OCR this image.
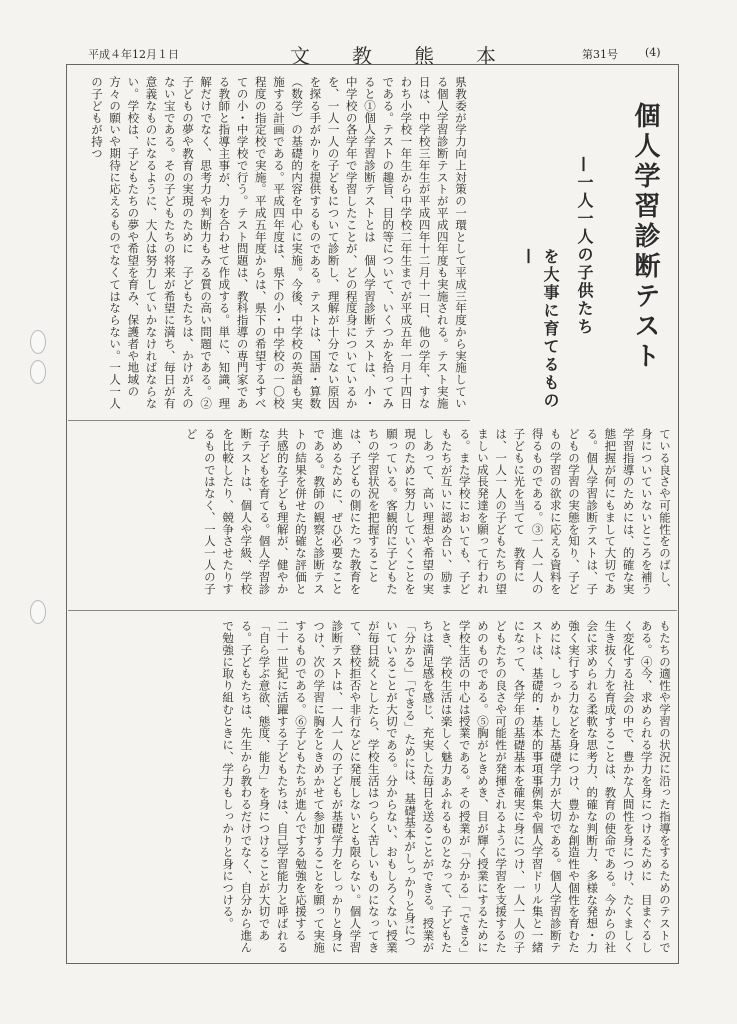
平成４年12月１日	文教熊本	第31号 (4)
個人学習診断テスト
—一人一人の子供たち
を大事に育てるもの—
県教委が学力向上対策の一環として平成三年度から実施している個人学習診断テストが平成四年度も実施される。テスト実施日は、中学校三年生が平成四年十二月十一日、他の学年、すなわち小学校一年生から中学校二年生までが平成五年一月十四日である。テストの趣旨、目的等について、いくつかを拾ってみると①個人学習診断テストとは　個人学習診断テストは、小・中学校の各学年で学習したことが、どの程度身についているかを、一人一人の子どもについて診断し、理解が十分でない原因を探る手がかりを提供するものである。テストは、国語・算数（数学）の基礎的内容を中心に実施。今後、中学校の英語も実施する計画である。平成四年度は、県下の小・中学校の一〇校程度の指定校で実施。平成五年度からは、県下の希望するすべての小・中学校で行う。テスト問題は、教科指導の専門家である教師と指導主事が、力を合わせて作成する。単に、知識、理解だけでなく、思考力や判断力もみる質の高い問題である。②子どもの夢や教育の実現のために　子どもたちは、かけがえのない宝である。その子どもたちの将来が希望に満ち、毎日が有意義なものになるように、大人は努力していかなければならない。学校は、子どもたちの夢や希望を育み、保護者や地域の方々の願いや期待に応えるものでなくてはならない。一人一人の子どもが持つ
ている良さや可能性をのばし、身についていないところを補う学習指導のためには、的確な実態把握が何にもまして大切である。個人学習診断テストは、子どもの学習の実態を知り、子どもの学習の欲求に応える資料を得るものである。③一人一人の子どもに光を当てて　教育には、一人一人の子どもたちの望ましい成長発達を願って行われる。また学校においても、子どもたちが互いに認め合い、励ましあって、高い理想や希望の実現のために努力していくことを願っている。客観的に子どもたちの学習状況を把握することは、子どもの側にたった教育を進めるために、ぜひ必要なことである。教師の観察と診断テストの結果を併せた的確な評価と共感的な子ども理解が、健やかな子どもを育てる。個人学習診断テストは、個人や学級、学校を比較したり、競争させたりするものではなく、一人一人の子ど
もたちの適性や学習の状況に沿った指導をするためのテストである。④今、求められる学力を身につけるために　目まぐるしく変化する社会の中で、豊かな人間性を身につけ、たくましく生き抜く力を育成することは、教育の使命である。今からの社会に求められる柔軟な思考力、的確な判断力、多様な発想・力強く実行する力などを身につけ、豊かな創造性や個性を育むためには、しっかりした基礎学力が大切である。個人学習診断テストは、基礎的・基本的事項事例集や個人学習ドリル集と一緒になって、各学年の基礎基本を確実に身につけ、一人一人の子どもたちの良さや可能性が発揮されるように学習を支援するためのものである。⑤胸がときめき、目が輝く授業にするために　学校生活の中心は授業である。その授業が「分かる」「できる」とき、学校生活は楽しく魅力あふれるものとなって、子どもたちは満足感を感じ、充実した毎日を送ることができる。授業が「分かる」「できる」ためには、基礎基本がしっかりと身についていることが大切である。分からない、おもしろくない授業が毎日続くとしたら、学校生活はつらく苦しいものになってきて、登校拒否や非行などに発展しないとも限らない。個人学習診断テストは、一人一人の子どもが基礎学力をしっかりと身につけ、次の学習に胸をときめかせて参加することを願って実施するものである。⑥子どもたちが進んでする勉強を応援する　二十一世紀に活躍する子どもたちは、自己学習能力と呼ばれる「自ら学ぶ意欲、態度、能力」を身につけることが大切である。子どもたちは、先生から教わるだけでなく、自分から進んで勉強に取り組むときに、学力もしっかりと身につける。
